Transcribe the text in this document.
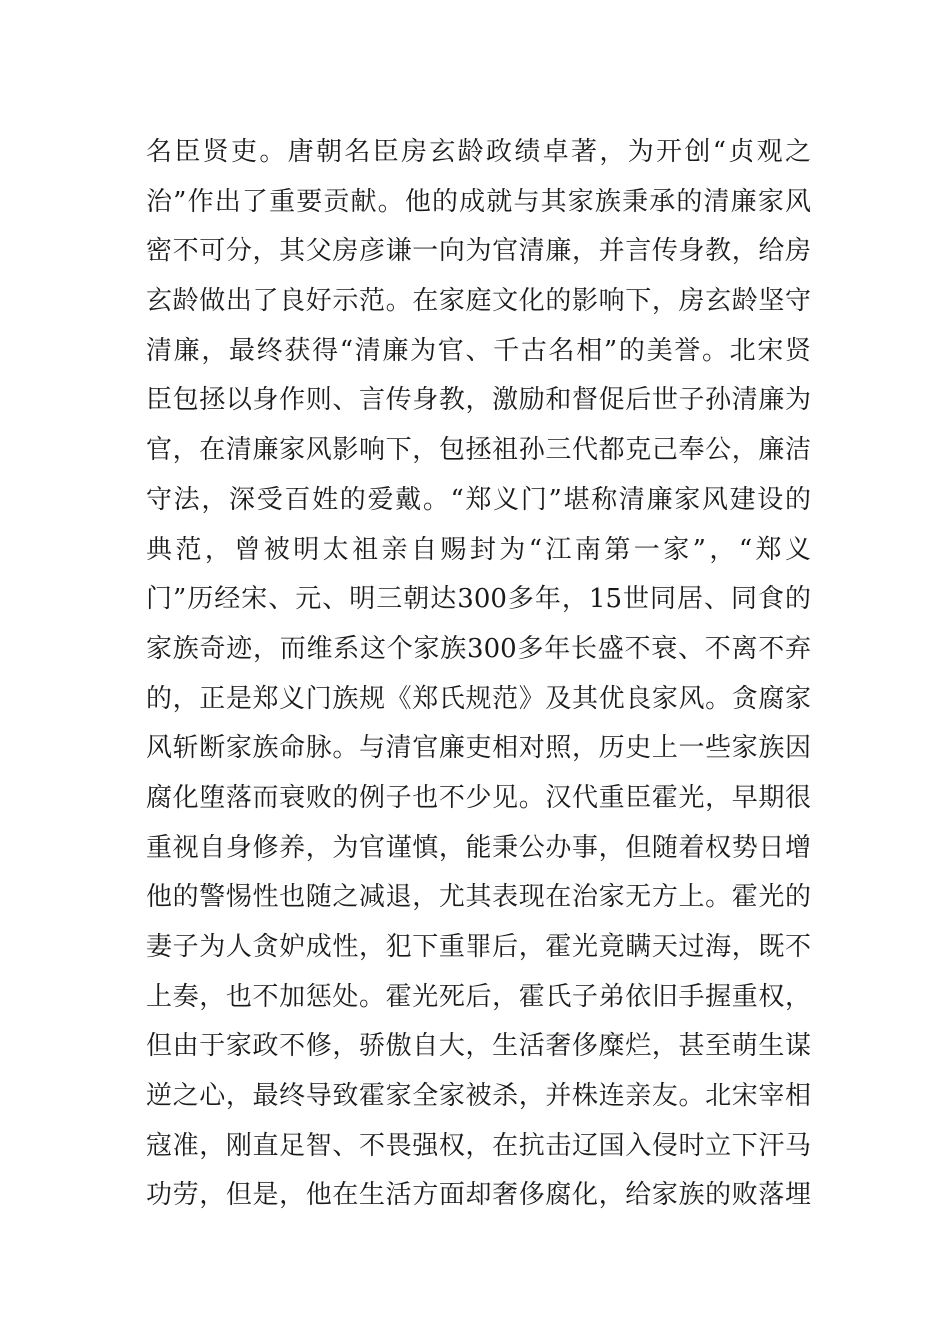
名臣贤吏。唐朝名臣房玄龄政绩卓著，为开创“贞观之
治”作出了重要贡献。他的成就与其家族秉承的清廉家风
密不可分，其父房彦谦一向为官清廉，并言传身教，给房
玄龄做出了良好示范。在家庭文化的影响下，房玄龄坚守
清廉，最终获得“清廉为官、千古名相”的美誉。北宋贤
臣包拯以身作则、言传身教，激励和督促后世子孙清廉为
官，在清廉家风影响下，包拯祖孙三代都克己奉公，廉洁
守法，深受百姓的爱戴。“郑义门”堪称清廉家风建设的
典范，曾被明太祖亲自赐封为“江南第一家”，“郑义
门”历经宋、元、明三朝达300多年，15世同居、同食的
家族奇迹，而维系这个家族300多年长盛不衰、不离不弃
的，正是郑义门族规《郑氏规范》及其优良家风。贪腐家
风斩断家族命脉。与清官廉吏相对照，历史上一些家族因
腐化堕落而衰败的例子也不少见。汉代重臣霍光，早期很
重视自身修养，为官谨慎，能秉公办事，但随着权势日增
他的警惕性也随之减退，尤其表现在治家无方上。霍光的
妻子为人贪妒成性，犯下重罪后，霍光竟瞒天过海，既不
上奏，也不加惩处。霍光死后，霍氏子弟依旧手握重权，
但由于家政不修，骄傲自大，生活奢侈糜烂，甚至萌生谋
逆之心，最终导致霍家全家被杀，并株连亲友。北宋宰相
寇准，刚直足智、不畏强权，在抗击辽国入侵时立下汗马
功劳，但是，他在生活方面却奢侈腐化，给家族的败落埋
